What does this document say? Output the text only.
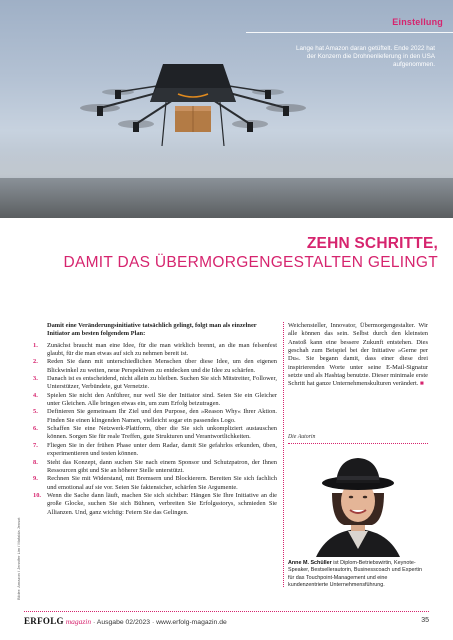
Einstellung
Lange hat Amazon daran getüftelt. Ende 2022 hat der Konzern die Drohnenlieferung in den USA aufgenommen.
ZEHN SCHRITTE,
DAMIT DAS ÜBERMORGENGESTALTEN GELINGT

Damit eine Veränderungsinitiative tatsächlich gelingt, folgt man als einzelner Initiator am besten folgendem Plan:

1. Zunächst braucht man eine Idee, für die man wirklich brennt, an die man felsenfest glaubt, für die man etwas auf sich zu nehmen bereit ist.
2. Reden Sie dann mit unterschiedlichen Menschen über diese Idee, um den eigenen Blickwinkel zu weiten, neue Perspektiven zu entdecken und die Idee zu schärfen.
3. Danach ist es entscheidend, nicht allein zu bleiben. Suchen Sie sich Mitstreiter, Follower, Unterstützer, Verbündete, gut Vernetzte.
4. Spielen Sie nicht den Anführer, nur weil Sie der Initiator sind. Seien Sie ein Gleicher unter Gleichen. Alle bringen etwas ein, um zum Erfolg beizutragen.
5. Definieren Sie gemeinsam Ihr Ziel und den Purpose, den »Reason Why« Ihrer Aktion. Finden Sie einen klingenden Namen, vielleicht sogar ein passendes Logo.
6. Schaffen Sie eine Netzwerk-Plattform, über die Sie sich unkompliziert austauschen können. Sorgen Sie für reale Treffen, gute Strukturen und Verantwortlichkeiten.
7. Fliegen Sie in der frühen Phase unter dem Radar, damit Sie gefahrlos erkunden, üben, experimentieren und testen können.
8. Steht das Konzept, dann suchen Sie nach einem Sponsor und Schutzpatron, der Ihnen Ressourcen gibt und Sie an höherer Stelle unterstützt.
9. Rechnen Sie mit Widerstand, mit Bremsern und Blockierern. Bereiten Sie sich fachlich und emotional auf sie vor. Seien Sie faktensicher, schärfen Sie Argumente.
10. Wenn die Sache dann läuft, machen Sie sich sichtbar: Hängen Sie Ihre Initiative an die große Glocke, suchen Sie sich Bühnen, verbreiten Sie Erfolgsstorys, schmieden Sie Allianzen. Und, ganz wichtig: Feiern Sie das Gelingen.
Weichensteller, Innovator, Übermorgengestalter. Wir alle können das sein. Selbst durch den kleinsten Anstoß kann eine bessere Zukunft entstehen. Dies geschah zum Beispiel bei der Initiative »Gerne per Du«. Sie begann damit, dass einer diese drei inspirierenden Worte unter seine E-Mail-Signatur setzte und als Hashtag benutzte. Dieser minimale erste Schritt hat ganze Unternehmenskulturen verändert. ■
Die Autorin
Anne M. Schüller ist Diplom-Betriebswirtin, Keynote-Speaker, Bestsellerautorin, Businesscoach und Expertin für das Touchpoint-Management und eine kundenzentrierte Unternehmensführung.
Bilder: Amazon / Jennifer Lim / Mafalda Jensot
ERFOLG magazin · Ausgabe 02/2023 · www.erfolg-magazin.de	35
